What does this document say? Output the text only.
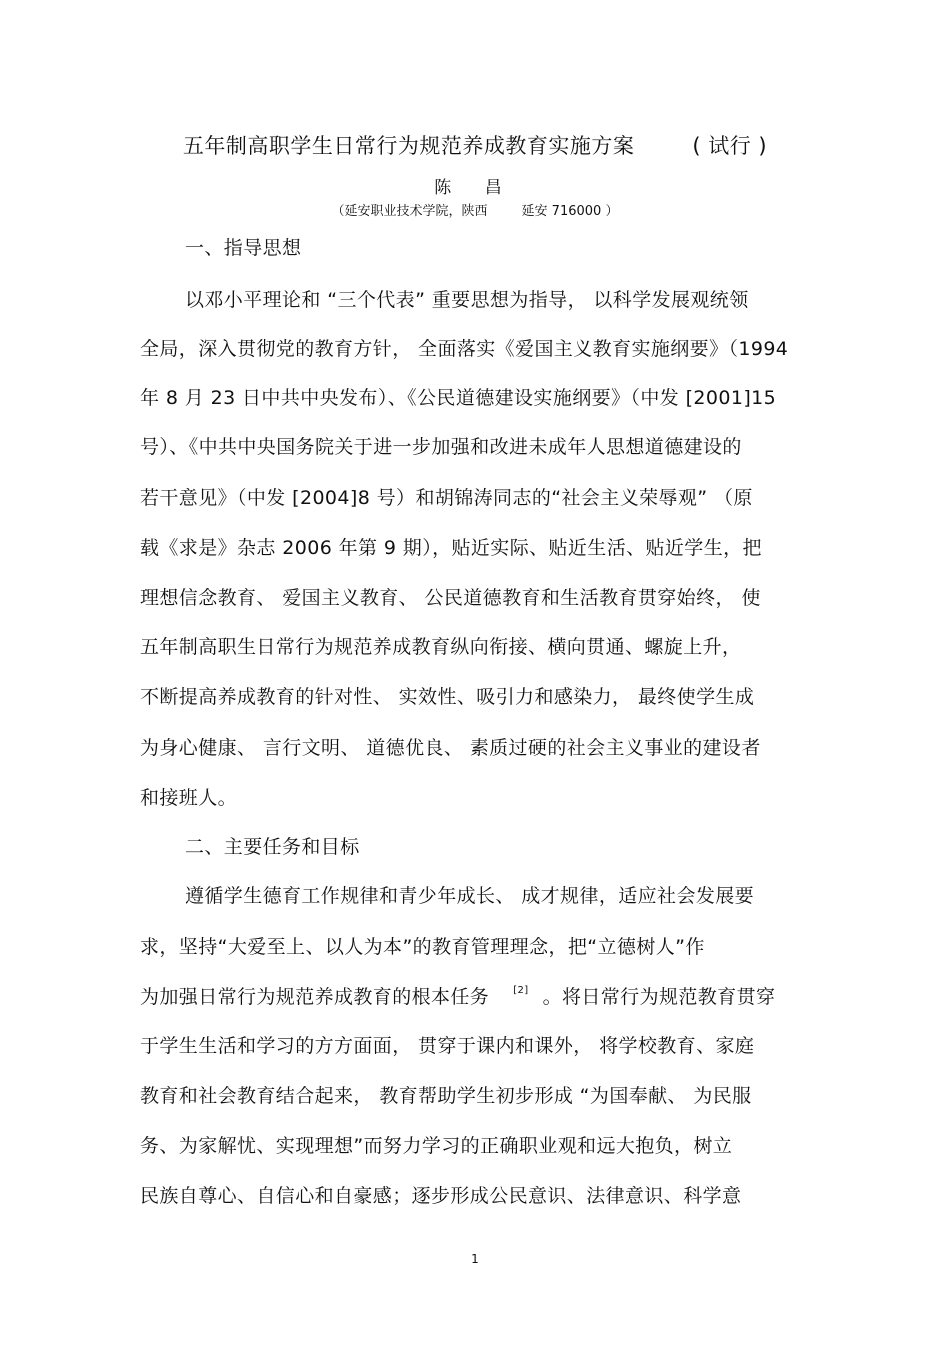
五年制高职学生日常行为规范养成教育实施方案	( 试行 )
陈 昌
（延安职业技术学院，陕西	延安 716000 ）
一、指导思想
以邓小平理论和 “三个代表” 重要思想为指导， 以科学发展观统领
全局，深入贯彻党的教育方针， 全面落实《爱国主义教育实施纲要》（1994
年 8 月 23 日中共中央发布）、《公民道德建设实施纲要》（中发 [2001]15
号）、《中共中央国务院关于进一步加强和改进未成年人思想道德建设的
若干意见》（中发 [2004]8 号）和胡锦涛同志的“社会主义荣辱观” （原
载《求是》杂志 2006 年第 9 期），贴近实际、贴近生活、贴近学生，把
理想信念教育、 爱国主义教育、 公民道德教育和生活教育贯穿始终， 使
五年制高职生日常行为规范养成教育纵向衔接、横向贯通、螺旋上升，
不断提高养成教育的针对性、 实效性、吸引力和感染力， 最终使学生成
为身心健康、 言行文明、 道德优良、 素质过硬的社会主义事业的建设者
和接班人。
二、主要任务和目标
遵循学生德育工作规律和青少年成长、 成才规律，适应社会发展要
求，坚持“大爱至上、以人为本”的教育管理理念，把“立德树人”作
为加强日常行为规范养成教育的根本任务 [2] 。将日常行为规范教育贯穿
于学生生活和学习的方方面面， 贯穿于课内和课外， 将学校教育、家庭
教育和社会教育结合起来， 教育帮助学生初步形成 “为国奉献、 为民服
务、为家解忧、实现理想”而努力学习的正确职业观和远大抱负，树立
民族自尊心、自信心和自豪感；逐步形成公民意识、法律意识、科学意
1
